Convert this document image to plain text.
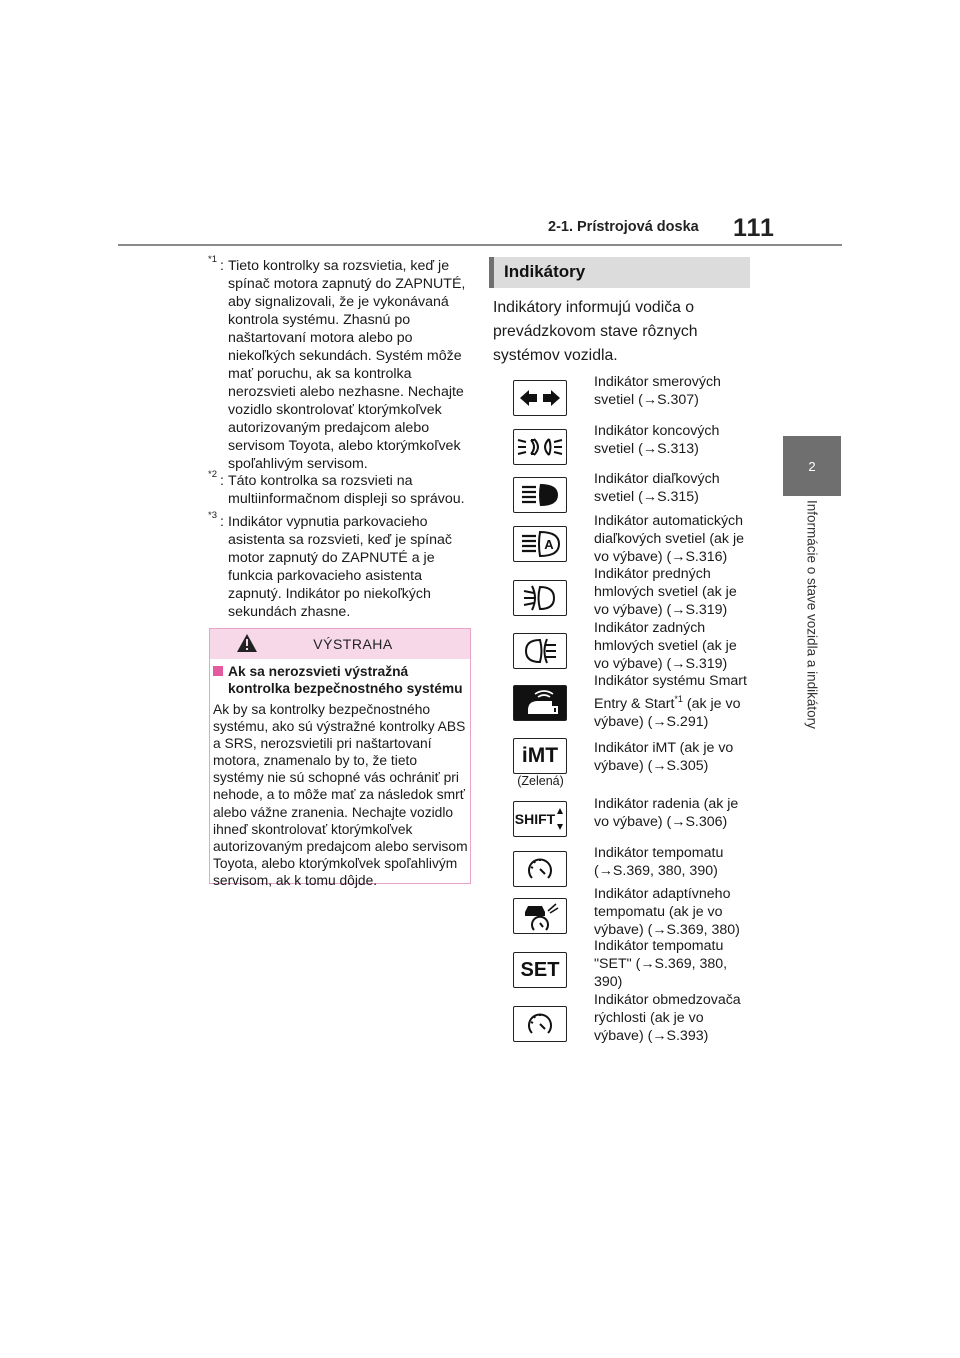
2-1. Prístrojová doska 111
2
Informácie o stave vozidla a indikátory
*1 : Tieto kontrolky sa rozsvietia, keď je spínač motora zapnutý do ZAPNUTÉ, aby signalizovali, že je vykonávaná kontrola systému. Zhasnú po naštartovaní motora alebo po niekoľkých sekundách. Systém môže mať poruchu, ak sa kontrolka nerozsvieti alebo nezhasne. Nechajte vozidlo skontrolovať ktorýmkoľvek autorizovaným predajcom alebo servisom Toyota, alebo ktorýmkoľvek spoľahlivým servisom.
*2 : Táto kontrolka sa rozsvieti na multiinformačnom displeji so správou.
*3 : Indikátor vypnutia parkovacieho asistenta sa rozsvieti, keď je spínač motor zapnutý do ZAPNUTÉ a je funkcia parkovacieho asistenta zapnutý. Indikátor po niekoľkých sekundách zhasne.
VÝSTRAHA
Ak sa nerozsvieti výstražná kontrolka bezpečnostného systému
Ak by sa kontrolky bezpečnostného systému, ako sú výstražné kontrolky ABS a SRS, nerozsvietili pri naštartovaní motora, znamenalo by to, že tieto systémy nie sú schopné vás ochrániť pri nehode, a to môže mať za následok smrť alebo vážne zranenia. Nechajte vozidlo ihneď skontrolovať ktorýmkoľvek autorizovaným predajcom alebo servisom Toyota, alebo ktorýmkoľvek spoľahlivým servisom, ak k tomu dôjde.
Indikátory
Indikátory informujú vodiča o prevádzkovom stave rôznych systémov vozidla.
Indikátor smerových svetiel (→S.307)
Indikátor koncových svetiel (→S.313)
Indikátor diaľkových svetiel (→S.315)
A
Indikátor automatických diaľkových svetiel (ak je vo výbave) (→S.316)
Indikátor predných hmlových svetiel (ak je vo výbave) (→S.319)
Indikátor zadných hmlových svetiel (ak je vo výbave) (→S.319)
Indikátor systému Smart Entry & Start$^{*1}$ (ak je vo výbave) (→S.291)
iMT
(Zelená)
Indikátor iMT (ak je vo výbave) (→S.305)
SHIFT
Indikátor radenia (ak je vo výbave) (→S.306)
Indikátor tempomatu (→S.369, 380, 390)
Indikátor adaptívneho tempomatu (ak je vo výbave) (→S.369, 380)
SET
Indikátor tempomatu "SET" (→S.369, 380, 390)
Indikátor obmedzovača rýchlosti (ak je vo výbave) (→S.393)
